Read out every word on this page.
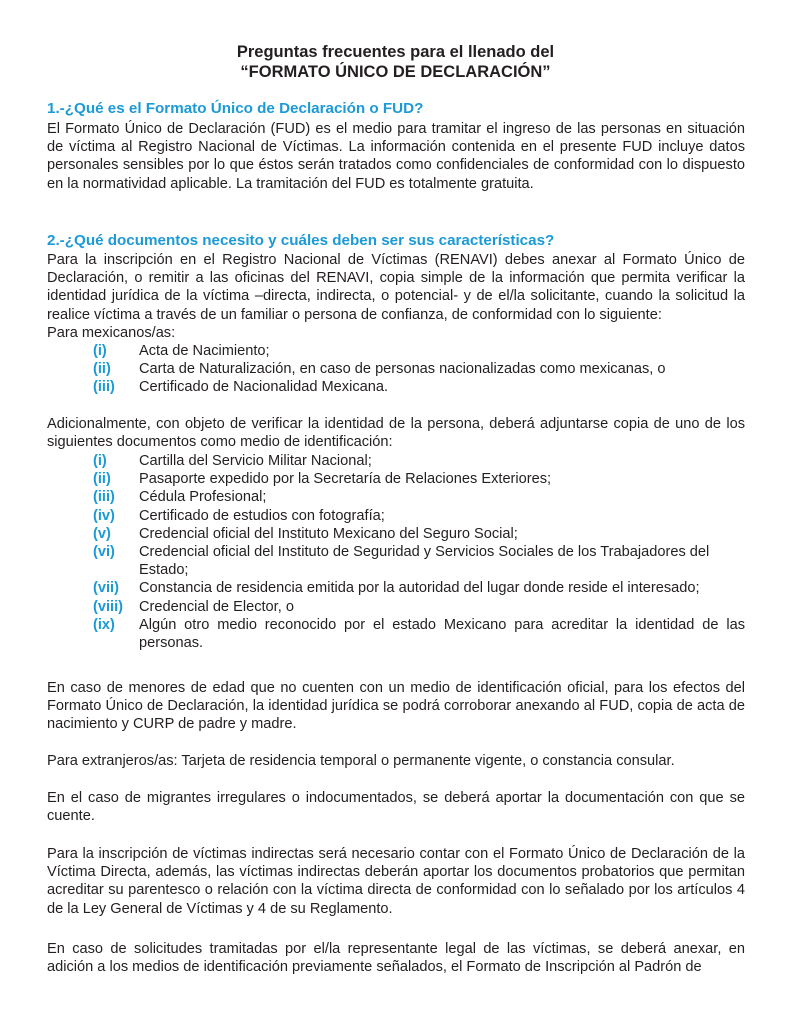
Preguntas frecuentes para el llenado del
“FORMATO ÚNICO DE DECLARACIÓN”
1.-¿Qué es el Formato Único de Declaración o FUD?

El Formato Único de Declaración (FUD) es el medio para tramitar el ingreso de las personas en situación de víctima al Registro Nacional de Víctimas. La información contenida en el presente FUD incluye datos personales sensibles por lo que éstos serán tratados como confidenciales de conformidad con lo dispuesto en la normatividad aplicable. La tramitación del FUD es totalmente gratuita.

2.-¿Qué documentos necesito y cuáles deben ser sus características?

Para la inscripción en el Registro Nacional de Víctimas (RENAVI) debes anexar al Formato Único de Declaración, o remitir a las oficinas del RENAVI, copia simple de la información que permita verificar la identidad jurídica de la víctima –directa, indirecta, o potencial- y de el/la solicitante, cuando la solicitud la realice víctima a través de un familiar o persona de confianza, de conformidad con lo siguiente:

Para mexicanos/as:

(i) Acta de Nacimiento;
(ii) Carta de Naturalización, en caso de personas nacionalizadas como mexicanas, o
(iii) Certificado de Nacionalidad Mexicana.

Adicionalmente, con objeto de verificar la identidad de la persona, deberá adjuntarse copia de uno de los siguientes documentos como medio de identificación:

(i) Cartilla del Servicio Militar Nacional;
(ii) Pasaporte expedido por la Secretaría de Relaciones Exteriores;
(iii) Cédula Profesional;
(iv) Certificado de estudios con fotografía;
(v) Credencial oficial del Instituto Mexicano del Seguro Social;
(vi) Credencial oficial del Instituto de Seguridad y Servicios Sociales de los Trabajadores del Estado;
(vii) Constancia de residencia emitida por la autoridad del lugar donde reside el interesado;
(viii) Credencial de Elector, o
(ix) Algún otro medio reconocido por el estado Mexicano para acreditar la identidad de las personas.

En caso de menores de edad que no cuenten con un medio de identificación oficial, para los efectos del Formato Único de Declaración, la identidad jurídica se podrá corroborar anexando al FUD, copia de acta de nacimiento y CURP de padre y madre.

Para extranjeros/as: Tarjeta de residencia temporal o permanente vigente, o constancia consular.

En el caso de migrantes irregulares o indocumentados, se deberá aportar la documentación con que se cuente.

Para la inscripción de víctimas indirectas será necesario contar con el Formato Único de Declaración de la Víctima Directa, además, las víctimas indirectas deberán aportar los documentos probatorios que permitan acreditar su parentesco o relación con la víctima directa de conformidad con lo señalado por los artículos 4 de la Ley General de Víctimas y 4 de su Reglamento.

En caso de solicitudes tramitadas por el/la representante legal de las víctimas, se deberá anexar, en adición a los medios de identificación previamente señalados, el Formato de Inscripción al Padrón de
